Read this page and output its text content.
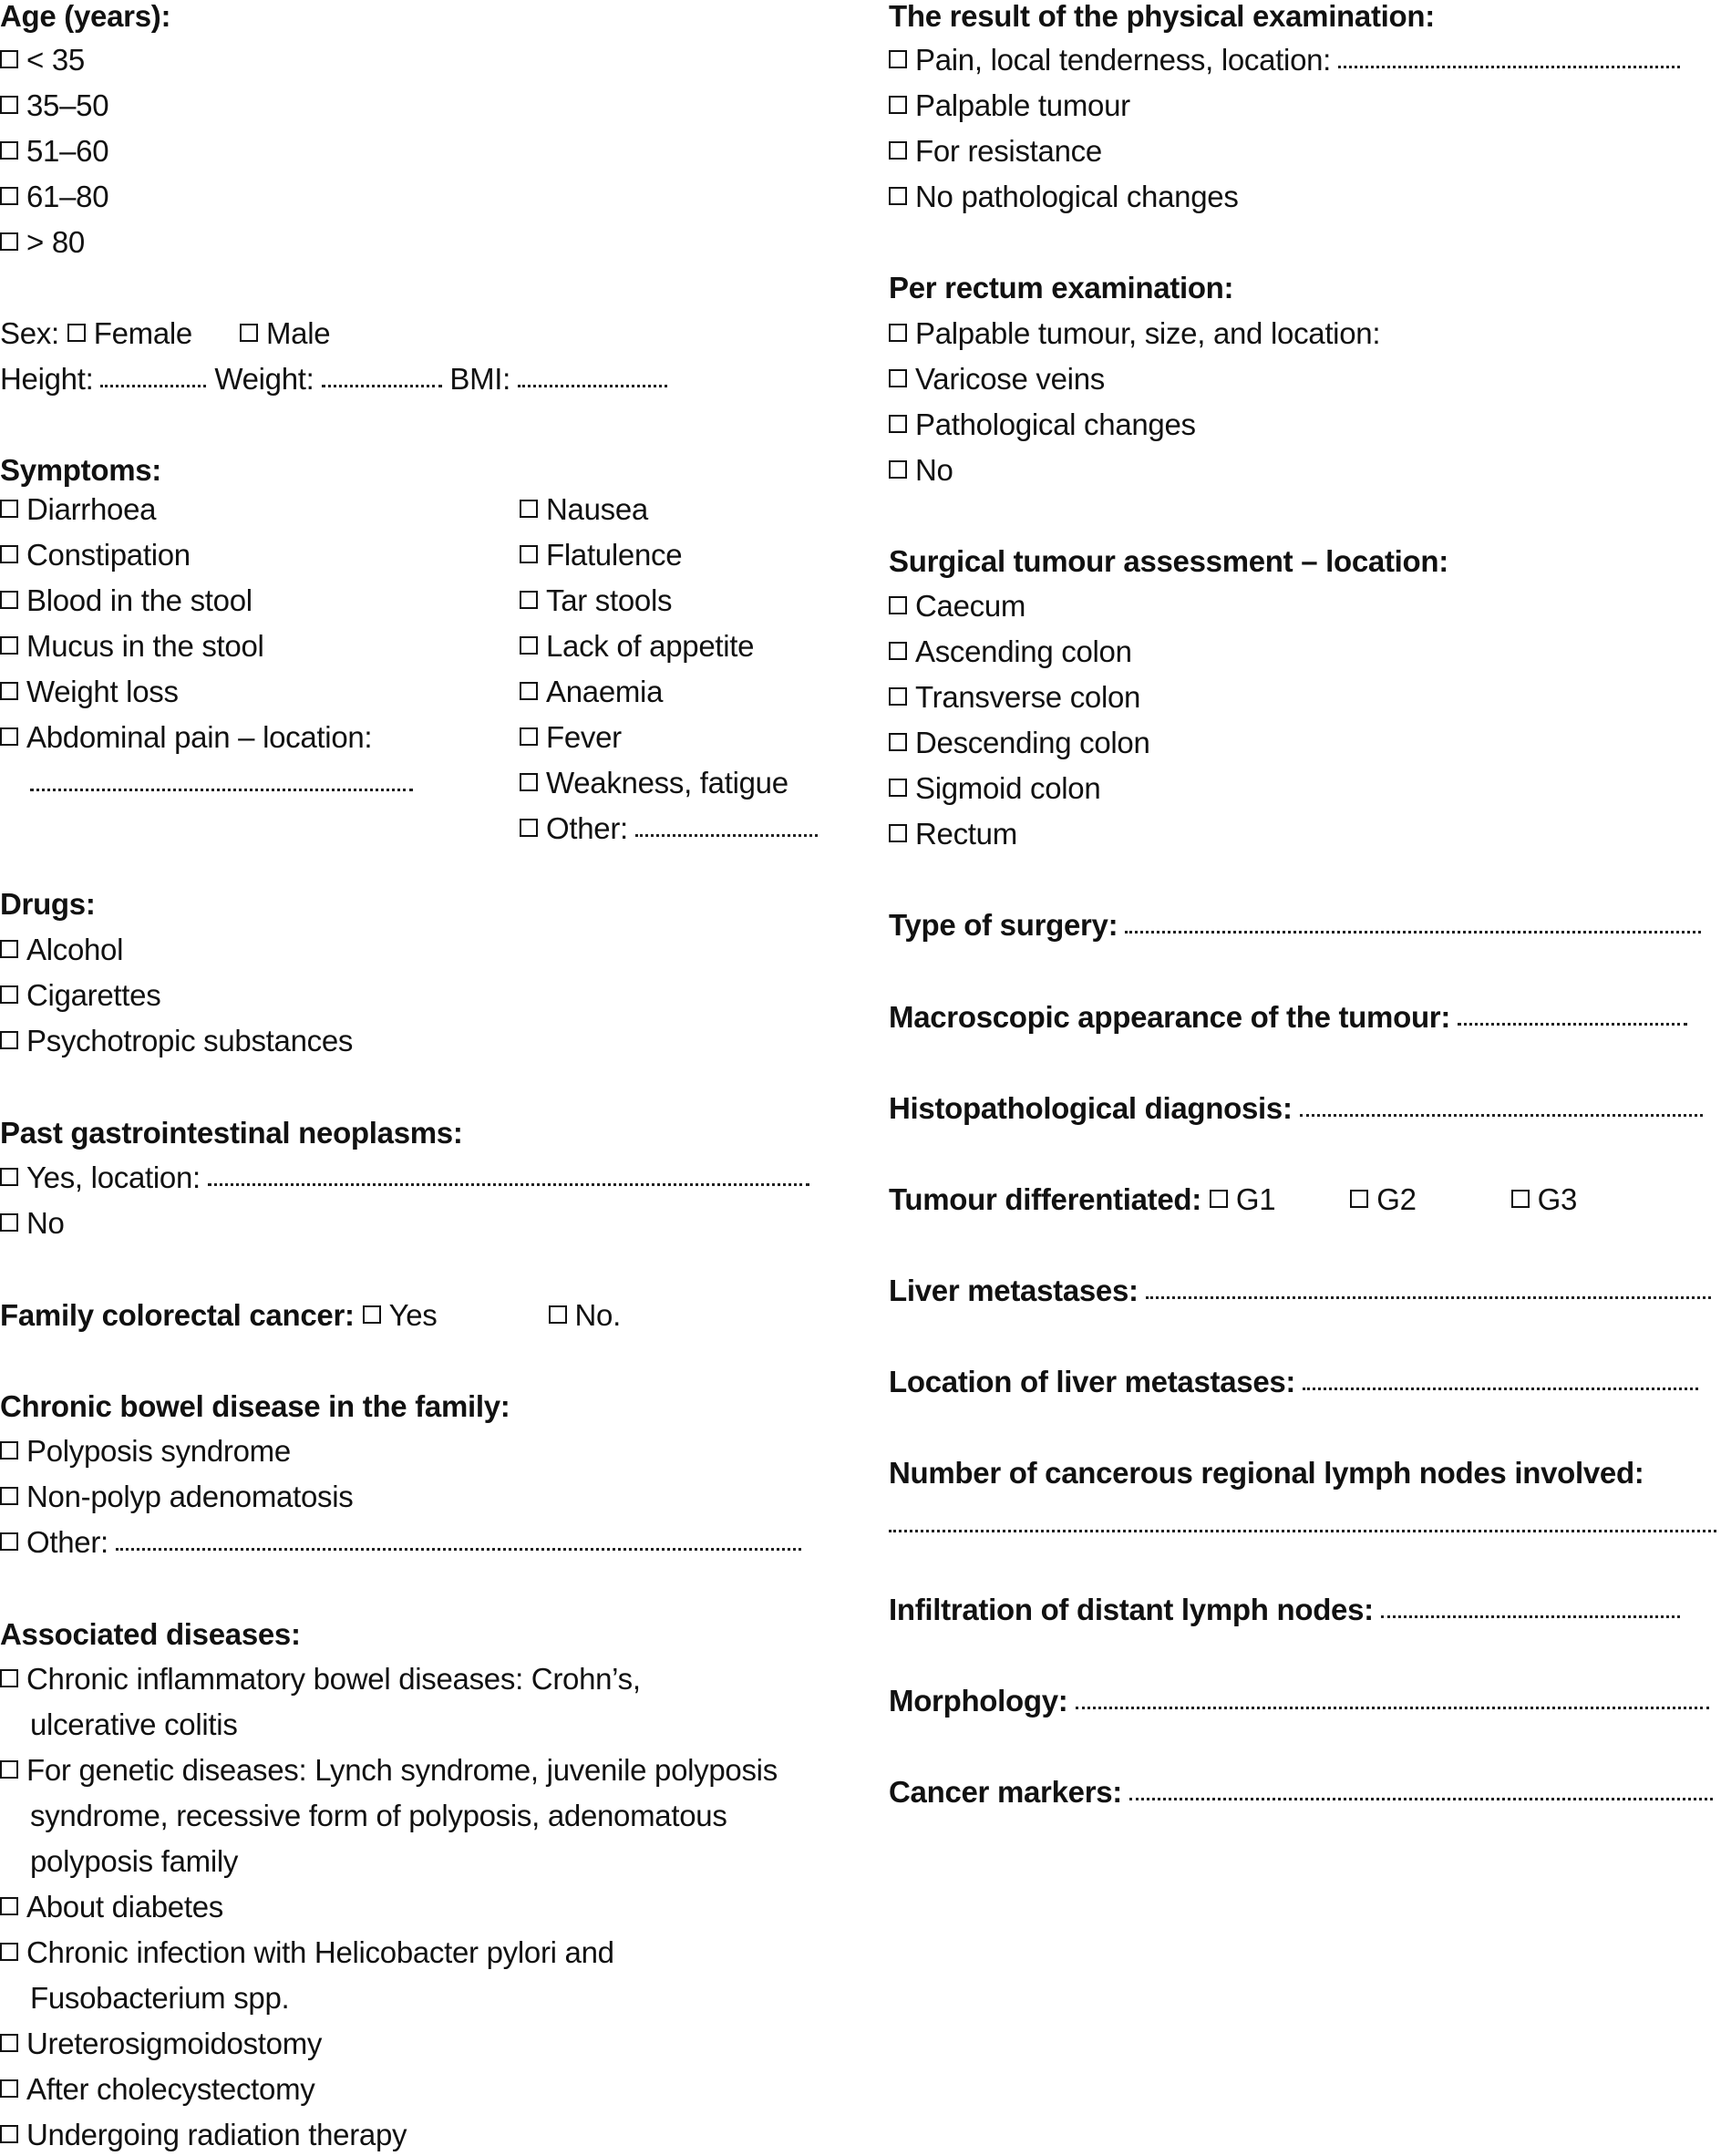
Age (years):
< 35
35–50
51–60
61–80
> 80
Sex: Female Male
Height:	Weight:	BMI:
Symptoms:
Diarrhoea
Constipation
Blood in the stool
Mucus in the stool
Weight loss
Abdominal pain – location:
Nausea
Flatulence
Tar stools
Lack of appetite
Anaemia
Fever
Weakness, fatigue
Other:
Drugs:
Alcohol
Cigarettes
Psychotropic substances
Past gastrointestinal neoplasms:
Yes, location:
No
Family colorectal cancer: Yes	No.
Chronic bowel disease in the family:
Polyposis syndrome
Non-polyp adenomatosis
Other:
Associated diseases:
Chronic inflammatory bowel diseases: Crohn’s,
ulcerative colitis
For genetic diseases: Lynch syndrome, juvenile polyposis
syndrome, recessive form of polyposis, adenomatous
polyposis family
About diabetes
Chronic infection with Helicobacter pylori and
Fusobacterium spp.
Ureterosigmoidostomy
After cholecystectomy
Undergoing radiation therapy
The result of the physical examination:
Pain, local tenderness, location:
Palpable tumour
For resistance
No pathological changes
Per rectum examination:
Palpable tumour, size, and location:
Varicose veins
Pathological changes
No
Surgical tumour assessment – location:
Caecum
Ascending colon
Transverse colon
Descending colon
Sigmoid colon
Rectum
Type of surgery:
Macroscopic appearance of the tumour:
Histopathological diagnosis:
Tumour differentiated: G1	G2	G3
Liver metastases:
Location of liver metastases:
Number of cancerous regional lymph nodes involved:
Infiltration of distant lymph nodes:
Morphology:
Cancer markers:
